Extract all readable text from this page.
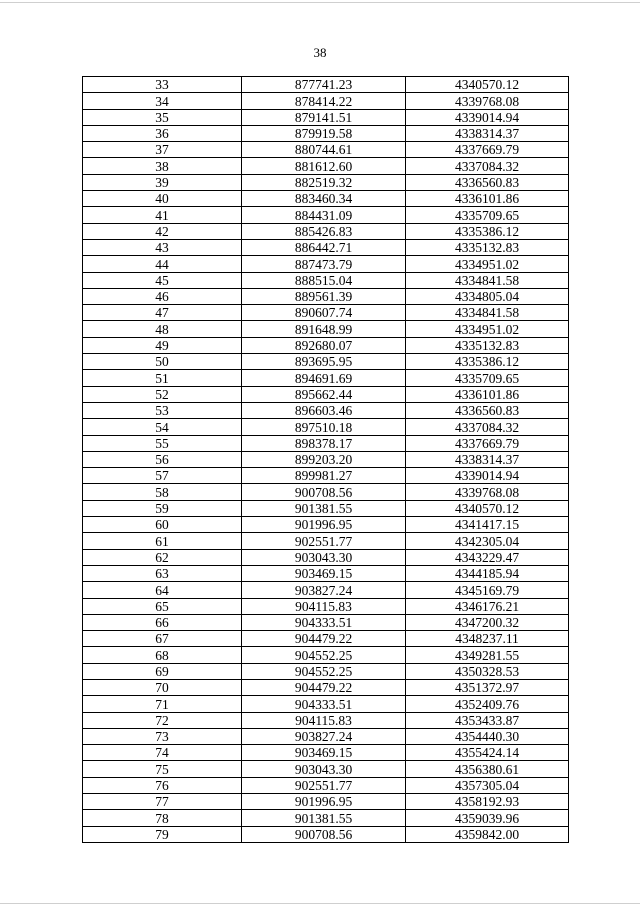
38
33	877741.23	4340570.12
34	878414.22	4339768.08
35	879141.51	4339014.94
36	879919.58	4338314.37
37	880744.61	4337669.79
38	881612.60	4337084.32
39	882519.32	4336560.83
40	883460.34	4336101.86
41	884431.09	4335709.65
42	885426.83	4335386.12
43	886442.71	4335132.83
44	887473.79	4334951.02
45	888515.04	4334841.58
46	889561.39	4334805.04
47	890607.74	4334841.58
48	891648.99	4334951.02
49	892680.07	4335132.83
50	893695.95	4335386.12
51	894691.69	4335709.65
52	895662.44	4336101.86
53	896603.46	4336560.83
54	897510.18	4337084.32
55	898378.17	4337669.79
56	899203.20	4338314.37
57	899981.27	4339014.94
58	900708.56	4339768.08
59	901381.55	4340570.12
60	901996.95	4341417.15
61	902551.77	4342305.04
62	903043.30	4343229.47
63	903469.15	4344185.94
64	903827.24	4345169.79
65	904115.83	4346176.21
66	904333.51	4347200.32
67	904479.22	4348237.11
68	904552.25	4349281.55
69	904552.25	4350328.53
70	904479.22	4351372.97
71	904333.51	4352409.76
72	904115.83	4353433.87
73	903827.24	4354440.30
74	903469.15	4355424.14
75	903043.30	4356380.61
76	902551.77	4357305.04
77	901996.95	4358192.93
78	901381.55	4359039.96
79	900708.56	4359842.00
